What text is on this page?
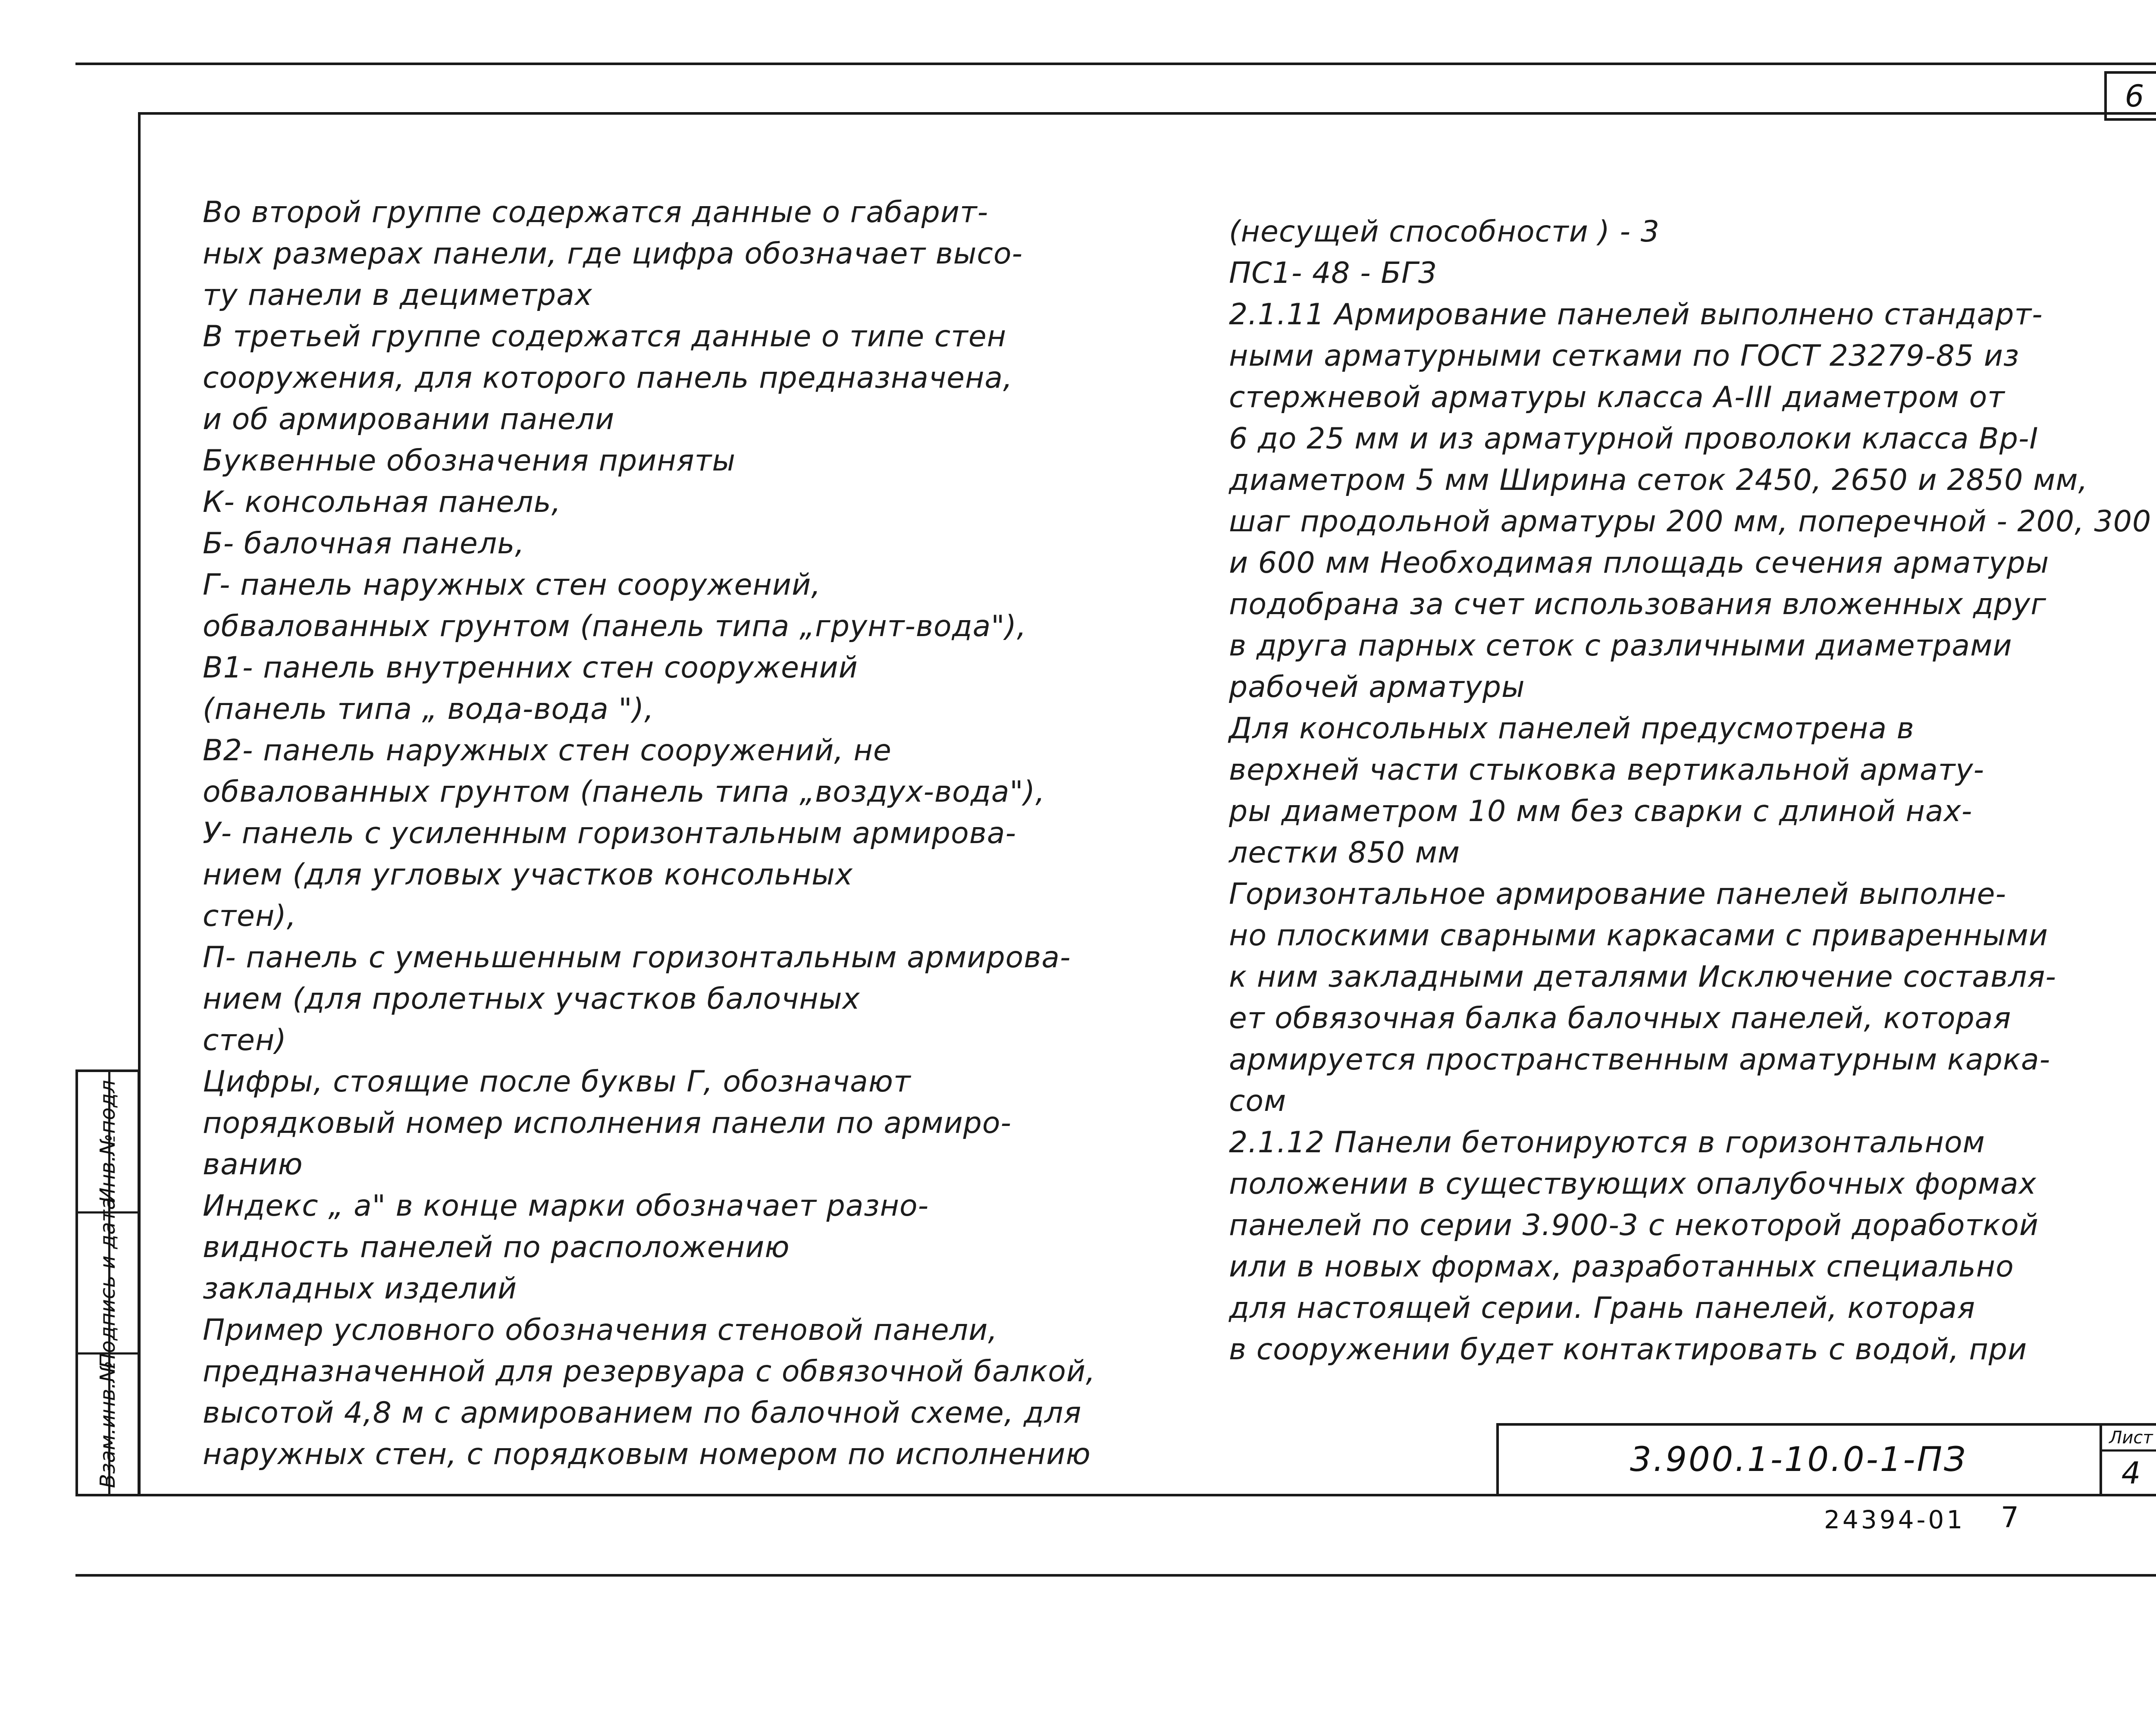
6

Во второй группе содержатся данные о габарит-

ных размерах панели, где цифра обозначает высо-

ту панели в дециметрах

В третьей группе содержатся данные о типе стен

сооружения, для которого панель предназначена,

и об армировании панели

Буквенные обозначения приняты

К- консольная панель,

Б- балочная панель,

Г- панель наружных стен сооружений,

обвалованных грунтом (панель типа „грунт-вода"),

В1- панель внутренних стен сооружений

(панель типа „ вода-вода "),

В2- панель наружных стен сооружений, не

обвалованных грунтом (панель типа „воздух-вода"),

У- панель с усиленным горизонтальным армирова-

нием (для угловых участков консольных

стен),

П- панель с уменьшенным горизонтальным армирова-

нием (для пролетных участков балочных

стен)

Цифры, стоящие после буквы Г, обозначают

порядковый номер исполнения панели по армиро-

ванию

Индекс „ а" в конце марки обозначает разно-

видность панелей по расположению

закладных изделий

Пример условного обозначения стеновой панели,

предназначенной для резервуара с обвязочной балкой,

высотой 4,8 м с армированием по балочной схеме, для

наружных стен, с порядковым номером по исполнению

(несущей способности ) - 3

ПС1- 48 - БГ3

2.1.11 Армирование панелей выполнено стандарт-

ными арматурными сетками по ГОСТ 23279-85 из

стержневой арматуры класса А-III диаметром от

6 до 25 мм и из арматурной проволоки класса Вр-I

диаметром 5 мм Ширина сеток 2450, 2650 и 2850 мм,

шаг продольной арматуры 200 мм, поперечной - 200, 300

и 600 мм Необходимая площадь сечения арматуры

подобрана за счет использования вложенных друг

в друга парных сеток с различными диаметрами

рабочей арматуры

Для консольных панелей предусмотрена в

верхней части стыковка вертикальной армату-

ры диаметром 10 мм без сварки с длиной нах-

лестки 850 мм

Горизонтальное армирование панелей выполне-

но плоскими сварными каркасами с приваренными

к ним закладными деталями Исключение составля-

ет обвязочная балка балочных панелей, которая

армируется пространственным арматурным карка-

сом

2.1.12 Панели бетонируются в горизонтальном

положении в существующих опалубочных формах

панелей по серии 3.900-3 с некоторой доработкой

или в новых формах, разработанных специально

для настоящей серии. Грань панелей, которая

в сооружении будет контактировать с водой, при

Инв.№подл
Подпись и дата
Взам.инв.№	3.900.1-10.0-1-ПЗ
Лист
4
24394-01 7
